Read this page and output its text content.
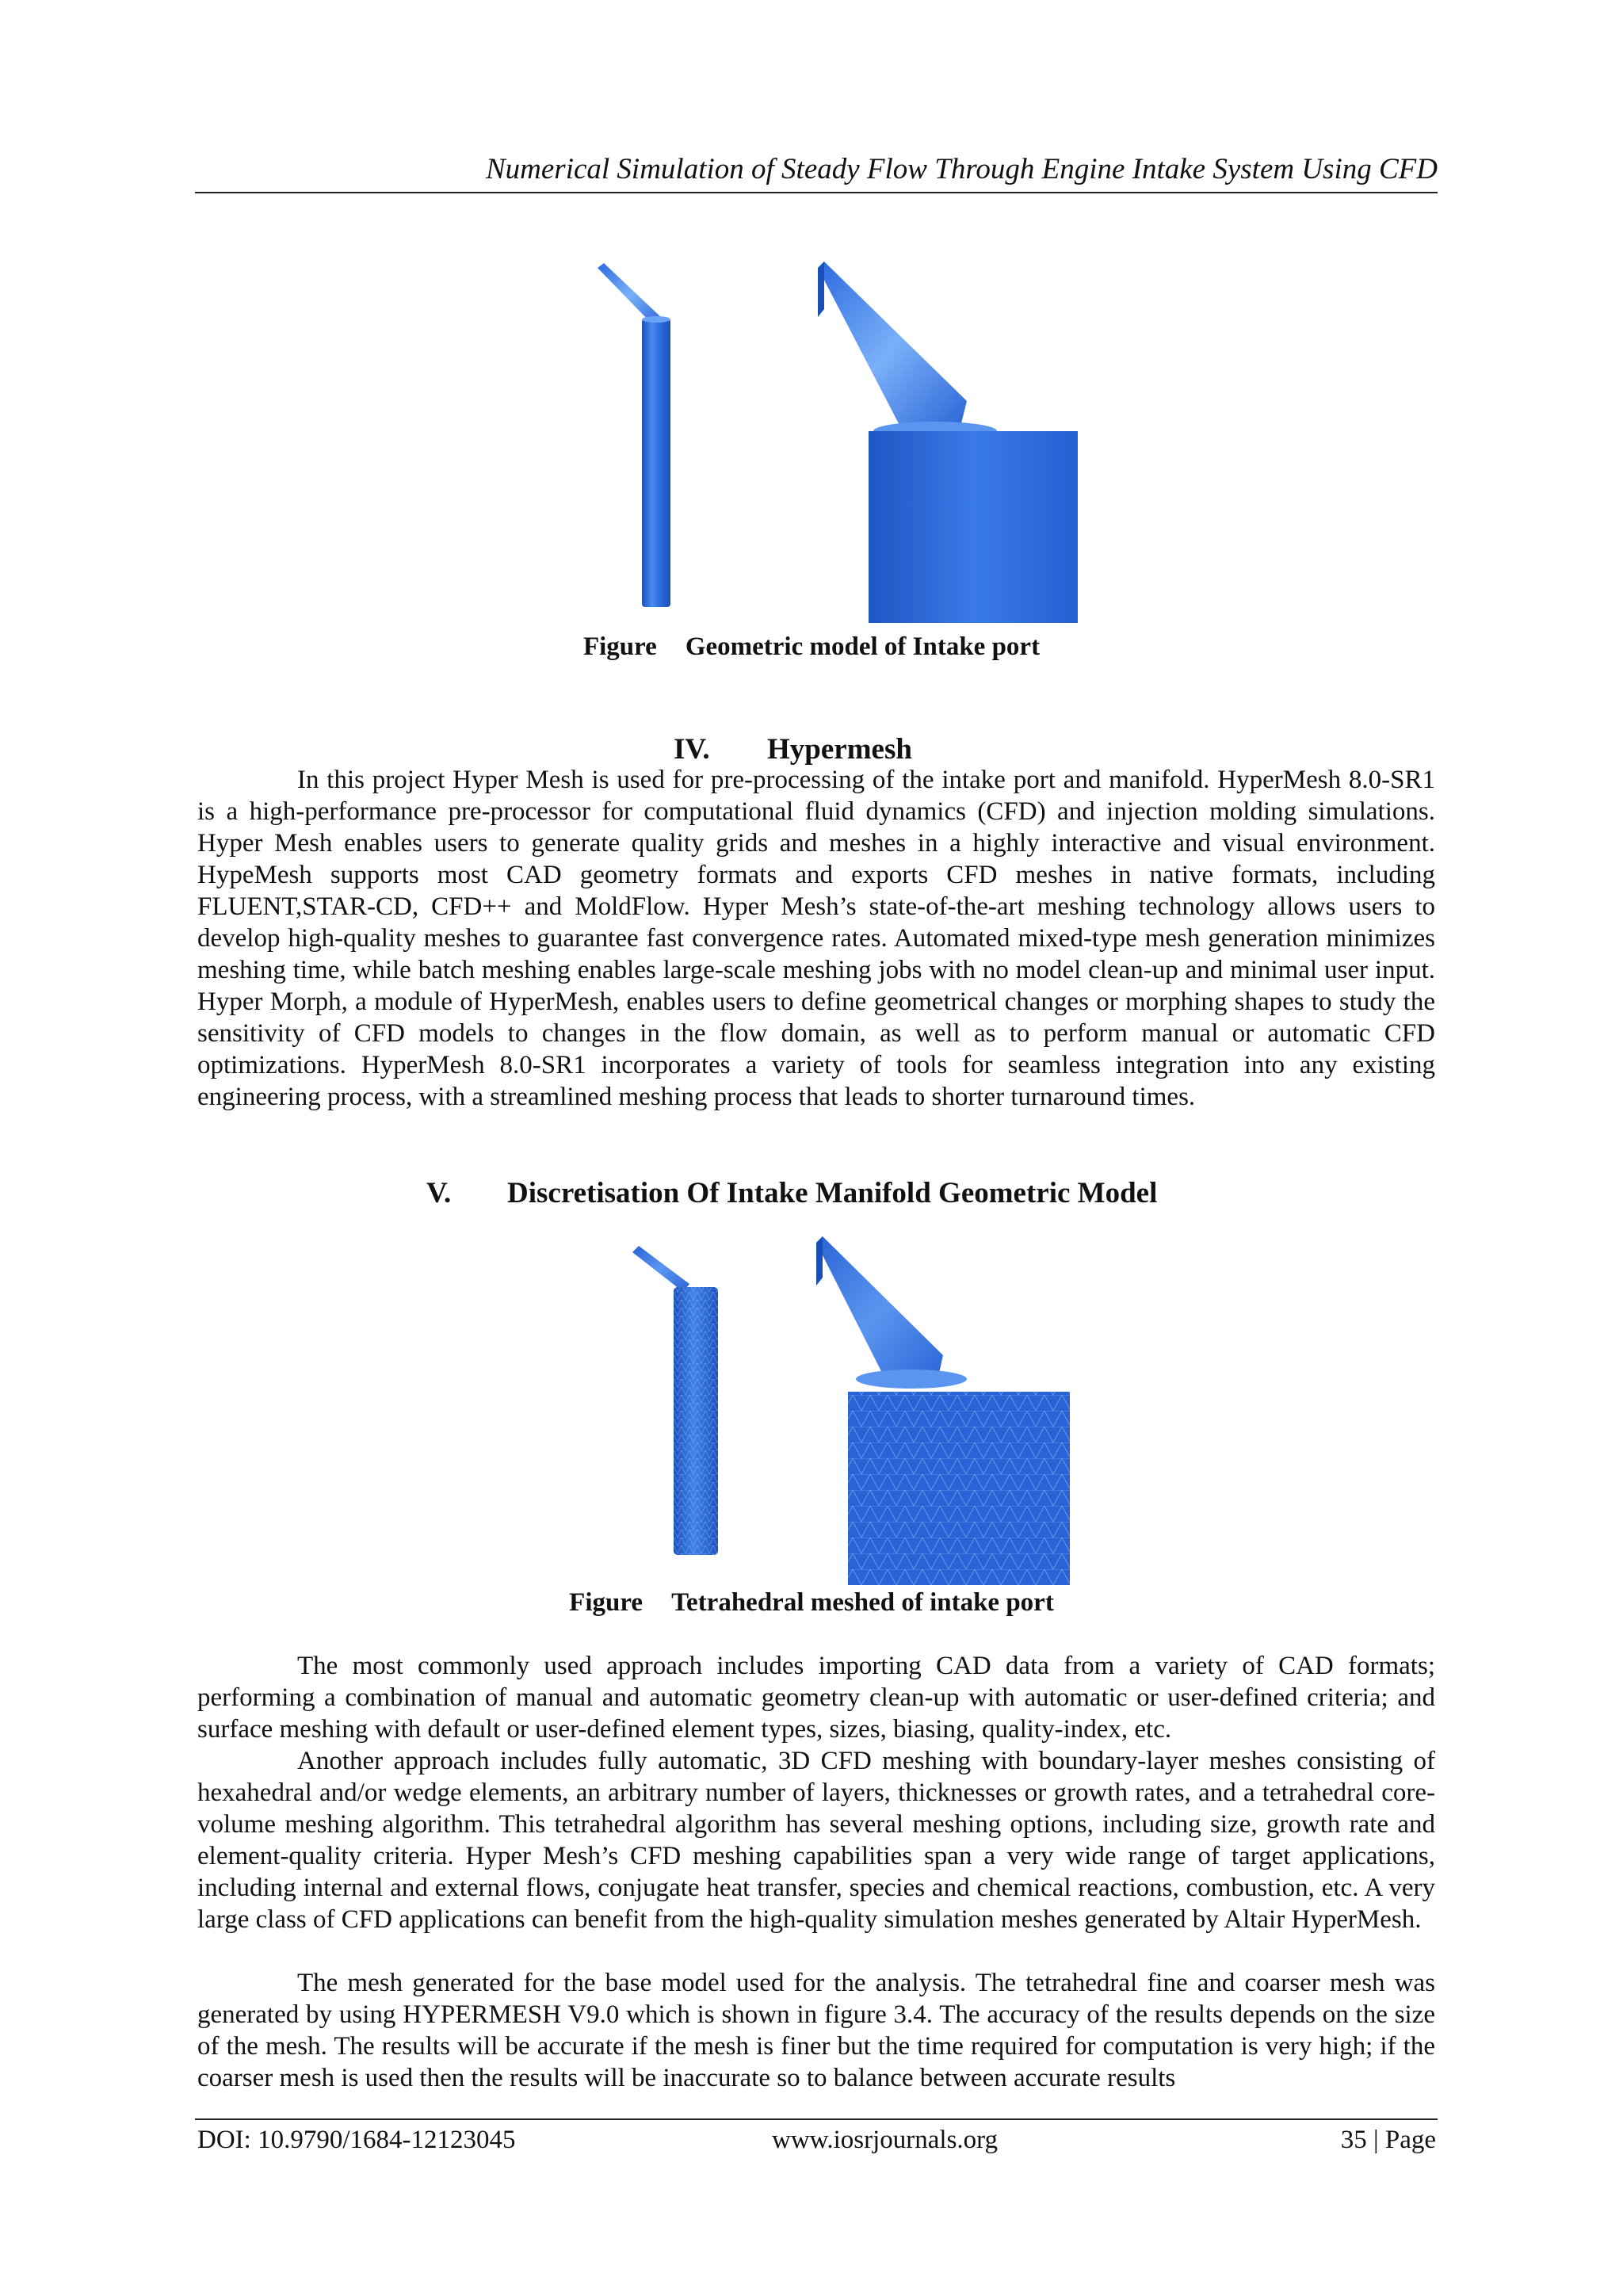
Numerical Simulation of Steady Flow Through Engine Intake System Using CFD
Figure Geometric model of Intake port
IV. Hypermesh

In this project Hyper Mesh is used for pre-processing of the intake port and manifold. HyperMesh 8.0-SR1 is a high-performance pre-processor for computational fluid dynamics (CFD) and injection molding simulations. Hyper Mesh enables users to generate quality grids and meshes in a highly interactive and visual environment. HypeMesh supports most CAD geometry formats and exports CFD meshes in native formats, including FLUENT,STAR-CD, CFD++ and MoldFlow. Hyper Mesh’s state-of-the-art meshing technology allows users to develop high-quality meshes to guarantee fast convergence rates. Automated mixed-type mesh generation minimizes meshing time, while batch meshing enables large-scale meshing jobs with no model clean-up and minimal user input. Hyper Morph, a module of HyperMesh, enables users to define geometrical changes or morphing shapes to study the sensitivity of CFD models to changes in the flow domain, as well as to perform manual or automatic CFD optimizations. HyperMesh 8.0-SR1 incorporates a variety of tools for seamless integration into any existing engineering process, with a streamlined meshing process that leads to shorter turnaround times.

V. Discretisation Of Intake Manifold Geometric Model
Figure Tetrahedral meshed of intake port

The most commonly used approach includes importing CAD data from a variety of CAD formats; performing a combination of manual and automatic geometry clean-up with automatic or user-defined criteria; and surface meshing with default or user-defined element types, sizes, biasing, quality-index, etc.

Another approach includes fully automatic, 3D CFD meshing with boundary-layer meshes consisting of hexahedral and/or wedge elements, an arbitrary number of layers, thicknesses or growth rates, and a tetrahedral core-volume meshing algorithm. This tetrahedral algorithm has several meshing options, including size, growth rate and element-quality criteria. Hyper Mesh’s CFD meshing capabilities span a very wide range of target applications, including internal and external flows, conjugate heat transfer, species and chemical reactions, combustion, etc. A very large class of CFD applications can benefit from the high-quality simulation meshes generated by Altair HyperMesh.

The mesh generated for the base model used for the analysis. The tetrahedral fine and coarser mesh was generated by using HYPERMESH V9.0 which is shown in figure 3.4. The accuracy of the results depends on the size of the mesh. The results will be accurate if the mesh is finer but the time required for computation is very high; if the coarser mesh is used then the results will be inaccurate so to balance between accurate results

DOI: 10.9790/1684-12123045	www.iosrjournals.org	35 | Page
